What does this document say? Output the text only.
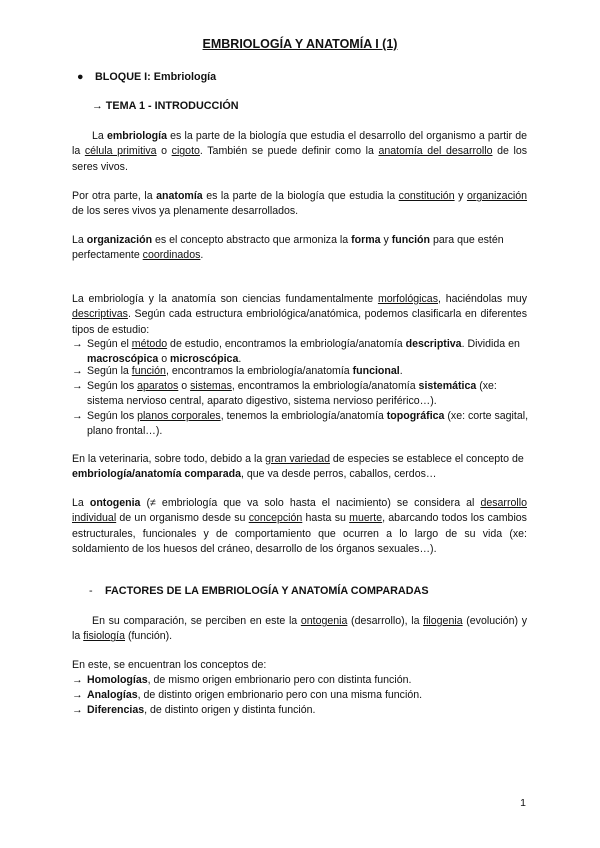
EMBRIOLOGÍA Y ANATOMÍA I (1)
● BLOQUE I: Embriología
→ TEMA 1 - INTRODUCCIÓN

La embriología es la parte de la biología que estudia el desarrollo del organismo a partir de la célula primitiva o cigoto. También se puede definir como la anatomía del desarrollo de los seres vivos.

Por otra parte, la anatomía es la parte de la biología que estudia la constitución y organización de los seres vivos ya plenamente desarrollados.

La organización es el concepto abstracto que armoniza la forma y función para que estén perfectamente coordinados.

La embriología y la anatomía son ciencias fundamentalmente morfológicas, haciéndolas muy descriptivas. Según cada estructura embriológica/anatómica, podemos clasificarla en diferentes tipos de estudio:

→ Según el método de estudio, encontramos la embriología/anatomía descriptiva. Dividida en macroscópica o microscópica.
→ Según la función, encontramos la embriología/anatomía funcional.
→ Según los aparatos o sistemas, encontramos la embriología/anatomía sistemática (xe: sistema nervioso central, aparato digestivo, sistema nervioso periférico…).
→ Según los planos corporales, tenemos la embriología/anatomía topográfica (xe: corte sagital, plano frontal…).

En la veterinaria, sobre todo, debido a la gran variedad de especies se establece el concepto de embriología/anatomía comparada, que va desde perros, caballos, cerdos…

La ontogenia (≠ embriología que va solo hasta el nacimiento) se considera al desarrollo individual de un organismo desde su concepción hasta su muerte, abarcando todos los cambios estructurales, funcionales y de comportamiento que ocurren a lo largo de su vida (xe: soldamiento de los huesos del cráneo, desarrollo de los órganos sexuales…).

- FACTORES DE LA EMBRIOLOGÍA Y ANATOMÍA COMPARADAS

En su comparación, se perciben en este la ontogenia (desarrollo), la filogenia (evolución) y la fisiología (función).

En este, se encuentran los conceptos de:

→ Homologías, de mismo origen embrionario pero con distinta función.
→ Analogías, de distinto origen embrionario pero con una misma función.
→ Diferencias, de distinto origen y distinta función.
1
